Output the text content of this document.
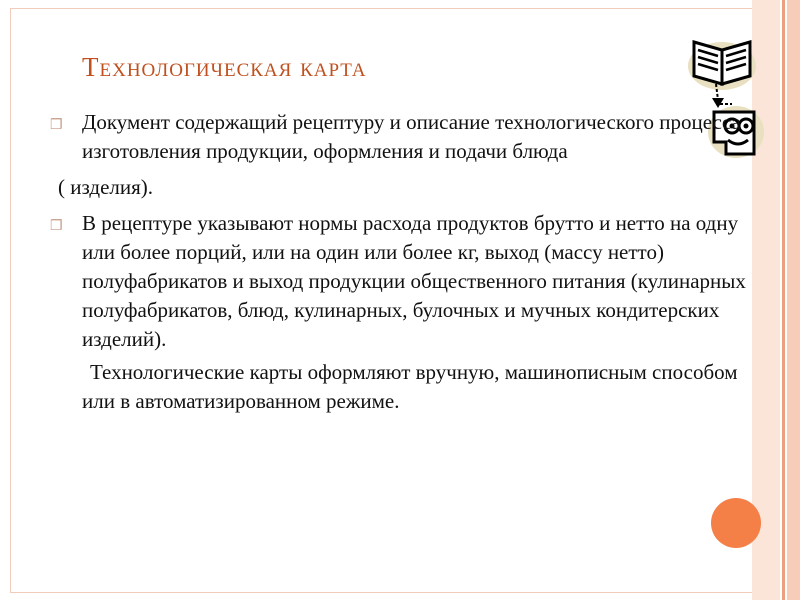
Технологическая карта

❒ Документ содержащий рецептуру и описание технологического процесса изготовления продукции, оформления и подачи блюда

( изделия).

❒ В рецептуре указывают нормы расхода продуктов брутто и нетто на одну или более порций, или на один или более кг, выход (массу нетто) полуфабрикатов и выход продукции общественного питания (кулинарных полуфабрикатов, блюд, кулинарных, булочных и мучных кондитерских изделий).

Технологические карты оформляют вручную, машинописным способом или в автоматизированном режиме.
